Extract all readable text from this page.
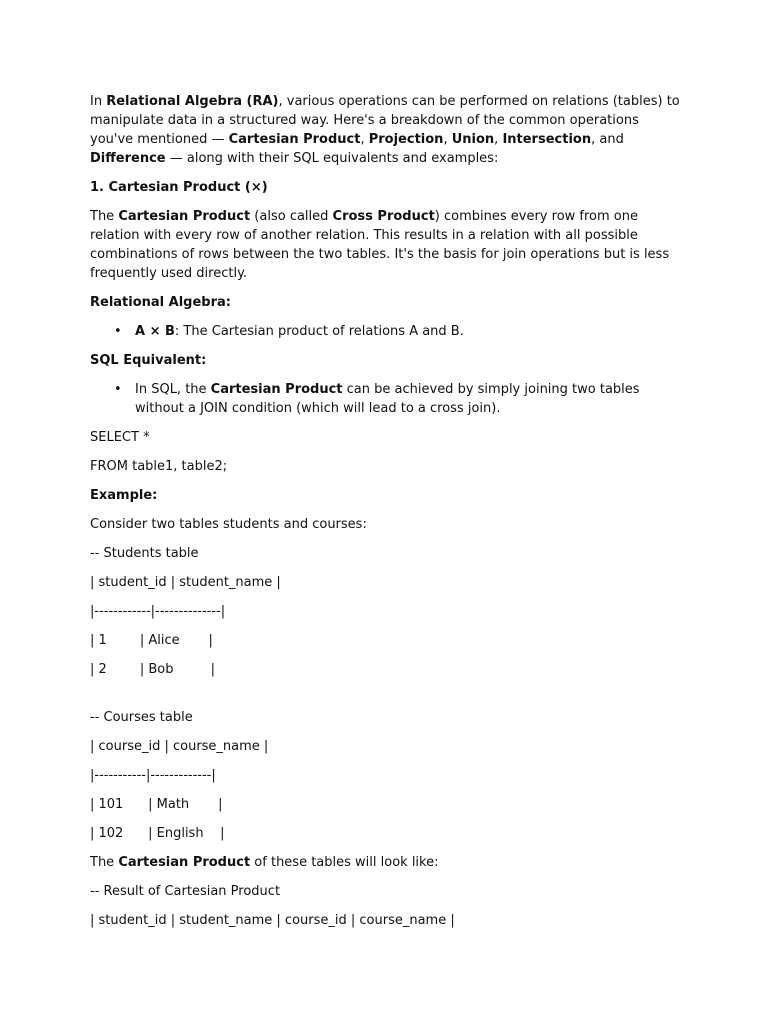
In Relational Algebra (RA), various operations can be performed on relations (tables) to manipulate data in a structured way. Here's a breakdown of the common operations you've mentioned — Cartesian Product, Projection, Union, Intersection, and Difference — along with their SQL equivalents and examples:

1. Cartesian Product (×)

The Cartesian Product (also called Cross Product) combines every row from one relation with every row of another relation. This results in a relation with all possible combinations of rows between the two tables. It's the basis for join operations but is less frequently used directly.

Relational Algebra:

• A × B: The Cartesian product of relations A and B.

SQL Equivalent:

• In SQL, the Cartesian Product can be achieved by simply joining two tables without a JOIN condition (which will lead to a cross join).

SELECT *

FROM table1, table2;

Example:

Consider two tables students and courses:

-- Students table

| student_id | student_name |

|------------|--------------|

| 1        | Alice       |

| 2        | Bob         |

-- Courses table

| course_id | course_name |

|-----------|-------------|

| 101      | Math       |

| 102      | English    |

The Cartesian Product of these tables will look like:

-- Result of Cartesian Product

| student_id | student_name | course_id | course_name |
